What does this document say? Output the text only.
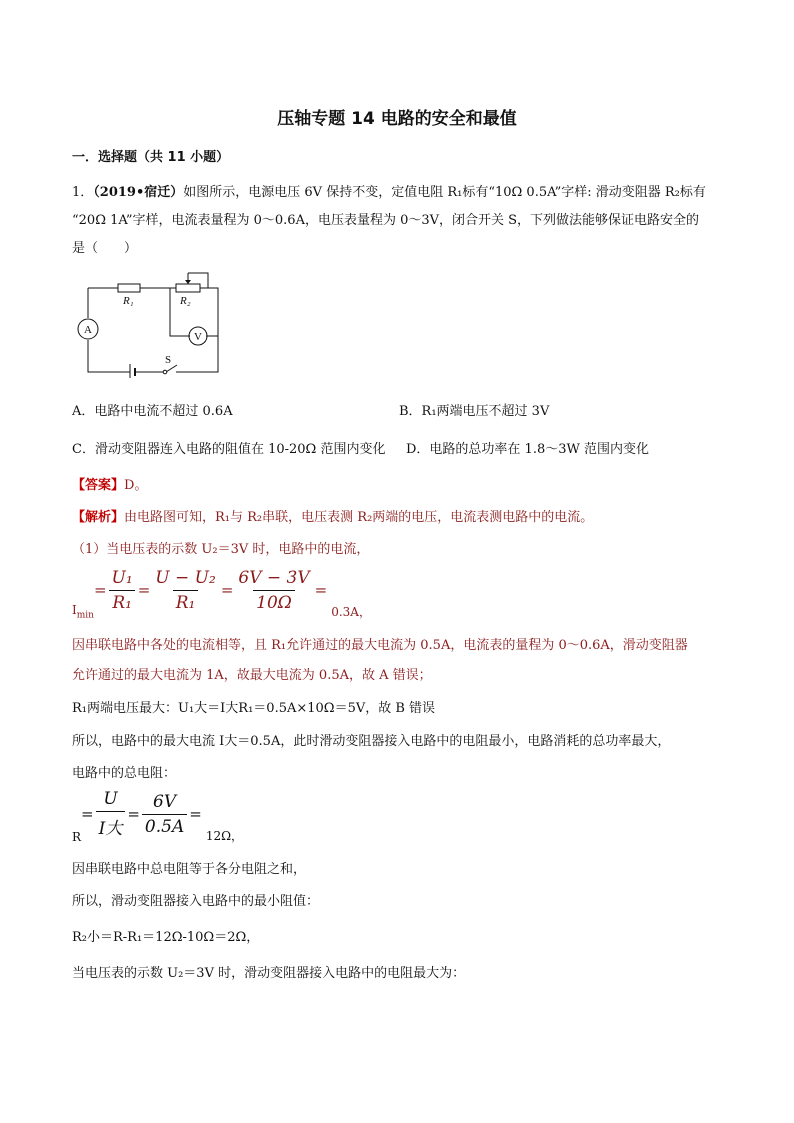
压轴专题 14 电路的安全和最值
一．选择题（共 11 小题）
1．（2019•宿迁）如图所示，电源电压 6V 保持不变，定值电阻 R₁标有“10Ω 0.5A”字样: 滑动变阻器 R₂标有
“20Ω 1A”字样，电流表量程为 0～0.6A，电压表量程为 0～3V，闭合开关 S，下列做法能够保证电路安全的
是（　　）
R₁	R₂
A
V
S
A．电路中电流不超过 0.6A	B．R₁两端电压不超过 3V
C．滑动变阻器连入电路的阻值在 10-20Ω 范围内变化 D．电路的总功率在 1.8～3W 范围内变化
【答案】D。
【解析】由电路图可知，R₁与 R₂串联，电压表测 R₂两端的电压，电流表测电路中的电流。
（1）当电压表的示数 U₂＝3V 时，电路中的电流，
$I_{min}$
= $\frac{\text{U₁}}{\text{R₁}} = \frac{\text{U − U₂}}{\text{R₁}} = \frac{6V - 3V}{10\Omega}$ =
0.3A，
因串联电路中各处的电流相等，且 R₁允许通过的最大电流为 0.5A，电流表的量程为 0～0.6A，滑动变阻器
允许通过的最大电流为 1A，故最大电流为 0.5A，故 A 错误；
R₁两端电压最大：U₁大＝I大R₁＝0.5A×10Ω＝5V，故 B 错误
所以，电路中的最大电流 I大＝0.5A，此时滑动变阻器接入电路中的电阻最小，电路消耗的总功率最大，
电路中的总电阻：
R
= $\frac{U}{\text{I大}} = \frac{6V}{0.5A}$ =
12Ω，
因串联电路中总电阻等于各分电阻之和，
所以，滑动变阻器接入电路中的最小阻值：
R₂小＝R-R₁＝12Ω-10Ω＝2Ω，
当电压表的示数 U₂＝3V 时，滑动变阻器接入电路中的电阻最大为：
